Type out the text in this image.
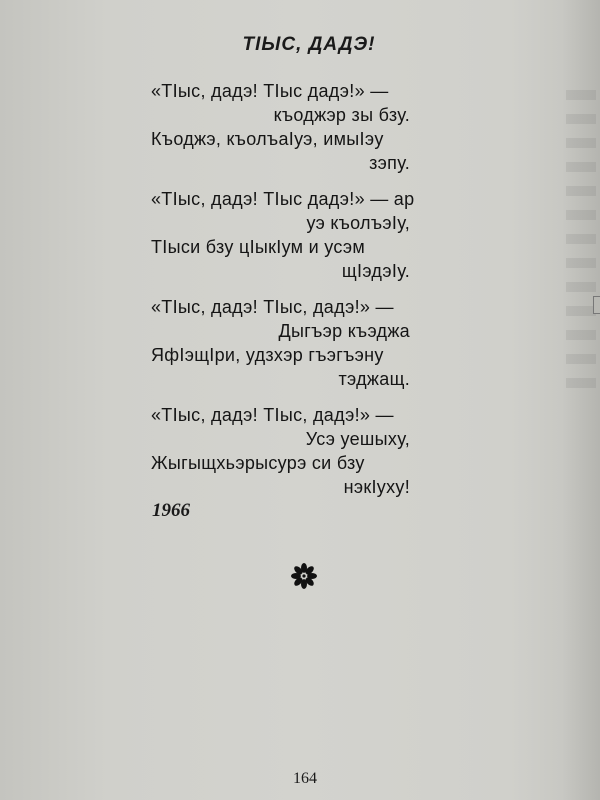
ТIЫС, ДАДЭ!
«ТIыс, дадэ! ТIыс дадэ!» —
къоджэр зы бзу.
Къоджэ, къолъаIуэ, имыIэу
зэпу.
«ТIыс, дадэ! ТIыс дадэ!» — ар
уэ къолъэIу,
ТIыси бзу цIыкIум и усэм
щIэдэIу.
«ТIыс, дадэ! ТIыс, дадэ!» —
Дыгъэр къэджа
ЯфIэщIри, удзхэр гъэгъэну
тэджащ.
«ТIыс, дадэ! ТIыс, дадэ!» —
Усэ уешыху,
Жыгыщхьэрысурэ си бзу
нэкIуху!
1966
164
